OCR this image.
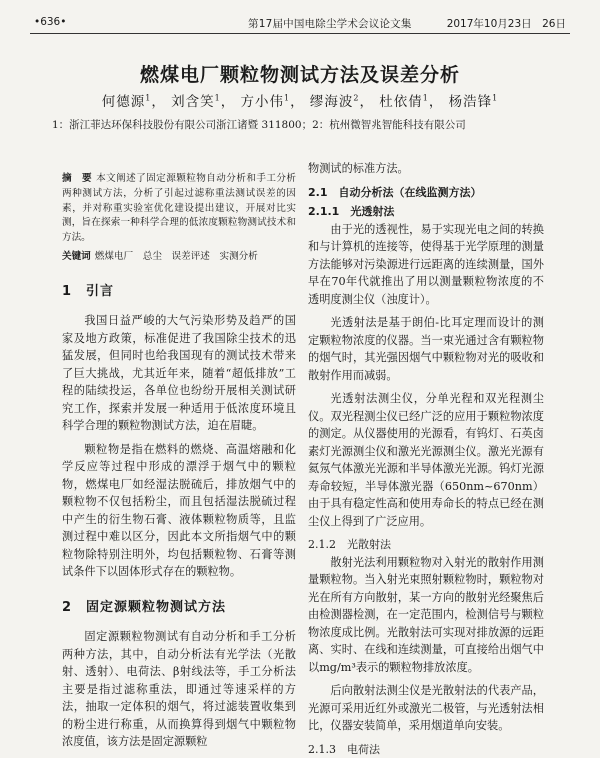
•636•	第17届中国电除尘学术会议论文集	2017年10月23日　26日
燃煤电厂颗粒物测试方法及误差分析
何德源$^1$， 刘含笑$^1$， 方小伟$^1$， 缪海波$^2$， 杜依倩$^1$， 杨浩锋$^1$
1：浙江菲达环保科技股份有限公司浙江诸暨 311800；2：杭州微智兆智能科技有限公司
摘　要 本文阐述了固定源颗粒物自动分析和手工分析两种测试方法，分析了引起过滤称重法测试误差的因素，并对称重实验室优化建设提出建议，开展对比实测，旨在探索一种科学合理的低浓度颗粒物测试技术和方法。
关键词 燃煤电厂　总尘　误差评述　实测分析
1　引言

我国日益严峻的大气污染形势及趋严的国家及地方政策，标准促进了我国除尘技术的迅猛发展，但同时也给我国现有的测试技术带来了巨大挑战，尤其近年来，随着“超低排放”工程的陆续投运，各单位也纷纷开展相关测试研究工作，探索并发展一种适用于低浓度环境且科学合理的颗粒物测试方法，迫在眉睫。

颗粒物是指在燃料的燃烧、高温熔融和化学反应等过程中形成的漂浮于烟气中的颗粒物，燃煤电厂如经湿法脱硫后，排放烟气中的颗粒物不仅包括粉尘，而且包括湿法脱硫过程中产生的衍生物石膏、液体颗粒物质等，且监测过程中难以区分，因此本文所指烟气中的颗粒物除特别注明外，均包括颗粒物、石膏等测试条件下以固体形式存在的颗粒物。

2　固定源颗粒物测试方法

固定源颗粒物测试有自动分析和手工分析两种方法，其中，自动分析法有光学法（光散射、透射）、电荷法、β射线法等，手工分析法主要是指过滤称重法，即通过等速采样的方法，抽取一定体积的烟气，将过滤装置收集到的粉尘进行称重，从而换算得到烟气中颗粒物浓度值，该方法是固定源颗粒

物测试的标准方法。

2.1　自动分析法（在线监测方法）
2.1.1　光透射法

由于光的透视性，易于实现光电之间的转换和与计算机的连接等，使得基于光学原理的测量方法能够对污染源进行远距离的连续测量，国外早在70年代就推出了用以测量颗粒物浓度的不透明度测尘仪（浊度计）。

光透射法是基于朗伯-比耳定理而设计的测定颗粒物浓度的仪器。当一束光通过含有颗粒物的烟气时，其光强因烟气中颗粒物对光的吸收和散射作用而减弱。

光透射法测尘仪，分单光程和双光程测尘仪。双光程测尘仪已经广泛的应用于颗粒物浓度的测定。从仪器使用的光源看，有钨灯、石英卤素灯光源测尘仪和激光光源测尘仪。激光光源有氦氖气体激光光源和半导体激光光源。钨灯光源寿命较短，半导体激光器（650nm~670nm）由于具有稳定性高和使用寿命长的特点已经在测尘仪上得到了广泛应用。

2.1.2　光散射法

散射光法利用颗粒物对入射光的散射作用测量颗粒物。当入射光束照射颗粒物时，颗粒物对光在所有方向散射，某一方向的散射光经聚焦后由检测器检测，在一定范围内，检测信号与颗粒物浓度成比例。光散射法可实现对排放源的远距离、实时、在线和连续测量，可直接给出烟气中以mg/m³表示的颗粒物排放浓度。

后向散射法测尘仪是光散射法的代表产品，光源可采用近红外或激光二极管，与光透射法相比，仪器安装简单，采用烟道单向安装。

2.1.3　电荷法
